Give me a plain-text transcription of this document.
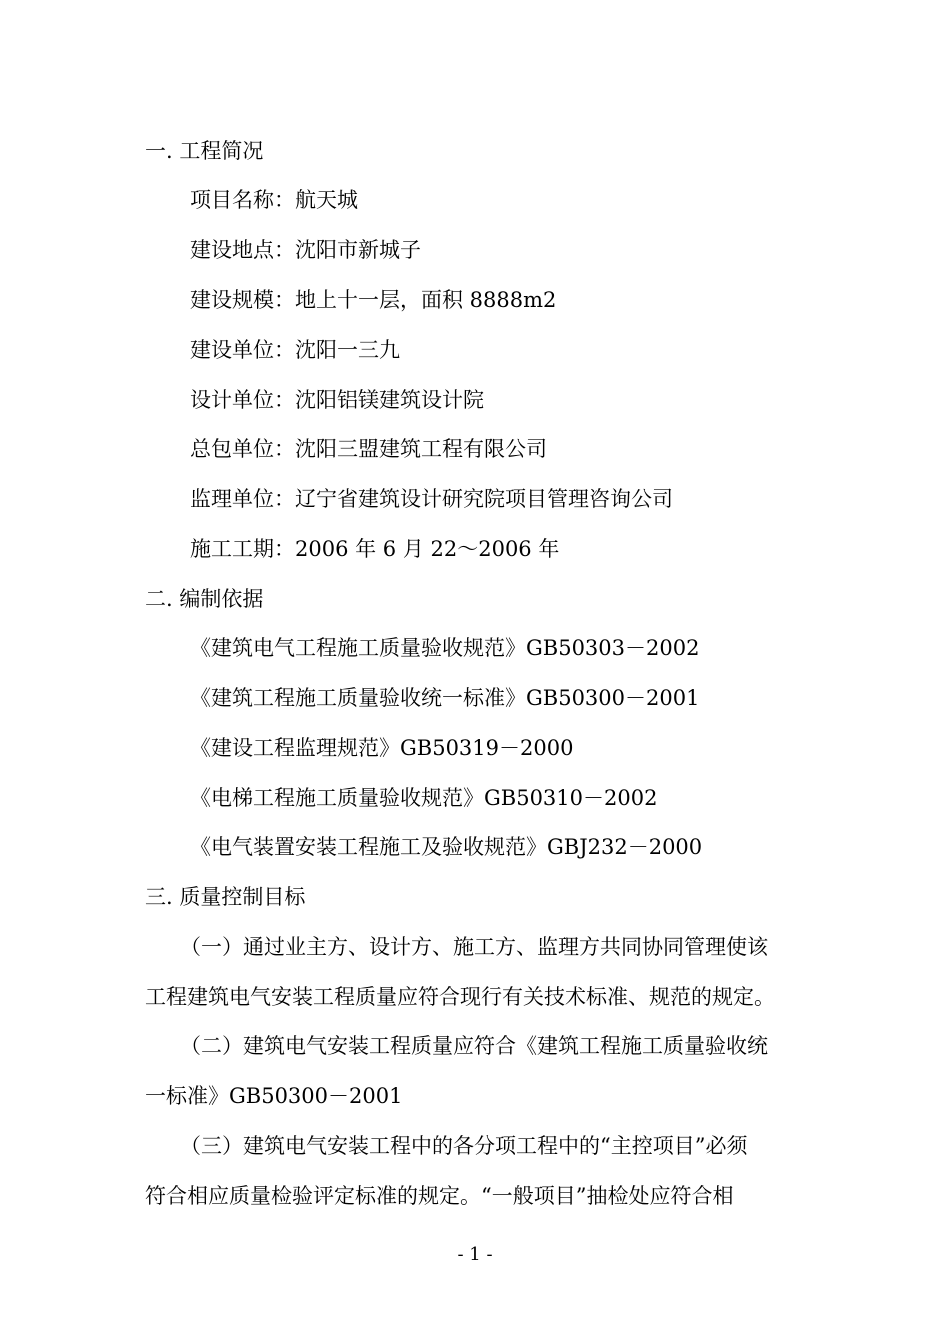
一. 工程简况
项目名称：航天城
建设地点：沈阳市新城子
建设规模：地上十一层，面积 8888m2
建设单位：沈阳一三九
设计单位：沈阳铝镁建筑设计院
总包单位：沈阳三盟建筑工程有限公司
监理单位：辽宁省建筑设计研究院项目管理咨询公司
施工工期：2006 年 6 月 22～2006 年
二. 编制依据
《建筑电气工程施工质量验收规范》GB50303－2002
《建筑工程施工质量验收统一标准》GB50300－2001
《建设工程监理规范》GB50319－2000
《电梯工程施工质量验收规范》GB50310－2002
《电气装置安装工程施工及验收规范》GBJ232－2000
三. 质量控制目标
（一）通过业主方、设计方、施工方、监理方共同协同管理使该
工程建筑电气安装工程质量应符合现行有关技术标准、规范的规定。
（二）建筑电气安装工程质量应符合《建筑工程施工质量验收统
一标准》GB50300－2001
（三）建筑电气安装工程中的各分项工程中的“主控项目”必须
符合相应质量检验评定标准的规定。“一般项目”抽检处应符合相
- 1 -
